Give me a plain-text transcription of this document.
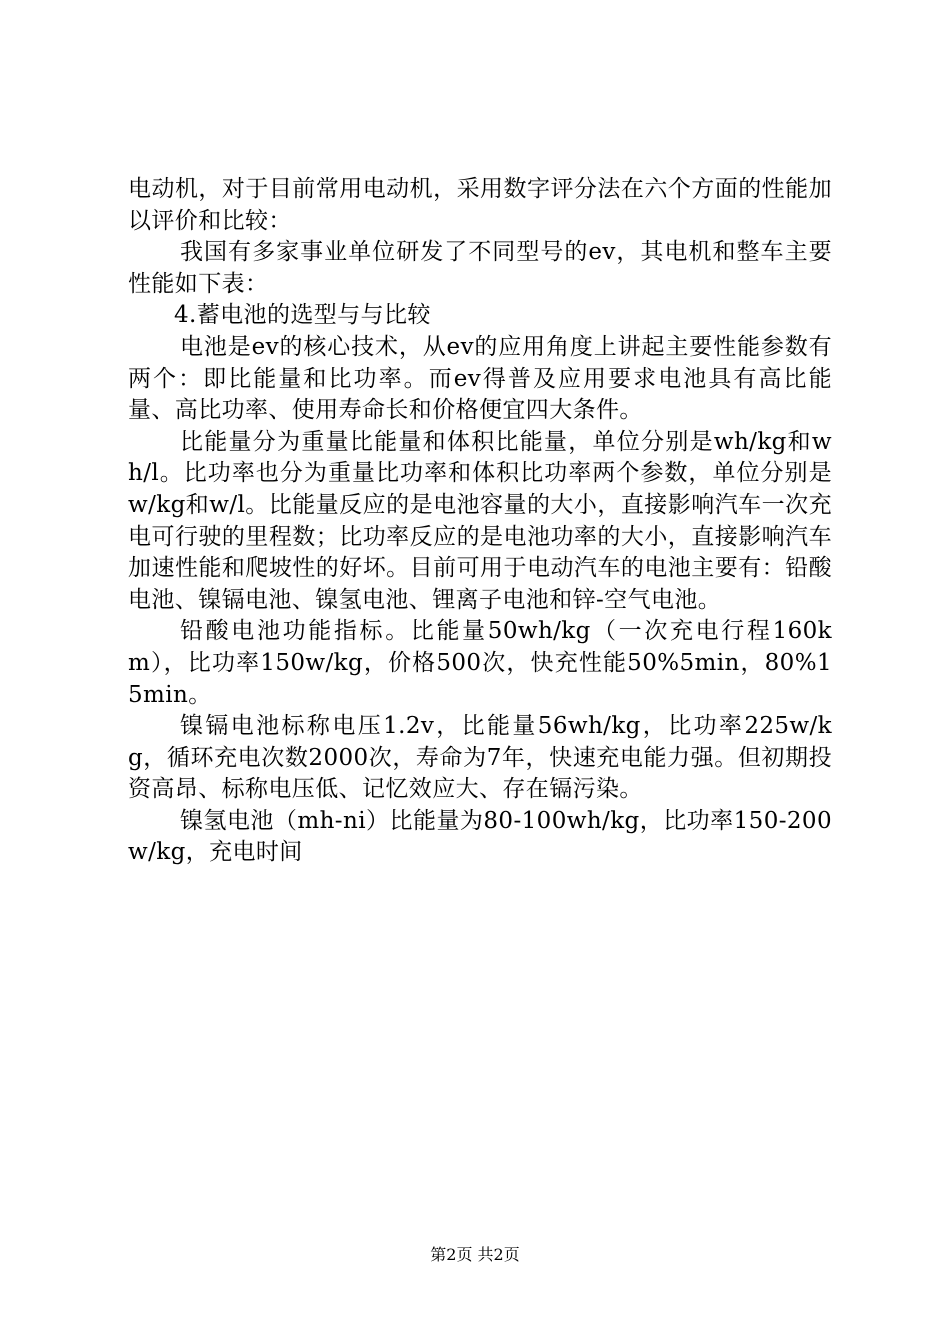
电动机，对于目前常用电动机，采用数字评分法在六个方面的性能加以评价和比较：

我国有多家事业单位研发了不同型号的ev，其电机和整车主要性能如下表：

4.蓄电池的选型与与比较

电池是ev的核心技术，从ev的应用角度上讲起主要性能参数有两个：即比能量和比功率。而ev得普及应用要求电池具有高比能量、高比功率、使用寿命长和价格便宜四大条件。

比能量分为重量比能量和体积比能量，单位分别是wh/kg和wh/l。比功率也分为重量比功率和体积比功率两个参数，单位分别是w/kg和w/l。比能量反应的是电池容量的大小，直接影响汽车一次充电可行驶的里程数；比功率反应的是电池功率的大小，直接影响汽车加速性能和爬坡性的好坏。目前可用于电动汽车的电池主要有：铅酸电池、镍镉电池、镍氢电池、锂离子电池和锌-空气电池。

铅酸电池功能指标。比能量50wh/kg（一次充电行程160km），比功率150w/kg，价格500次，快充性能50%5min，80%15min。

镍镉电池标称电压1.2v，比能量56wh/kg，比功率225w/kg，循环充电次数2000次，寿命为7年，快速充电能力强。但初期投资高昂、标称电压低、记忆效应大、存在镉污染。

镍氢电池（mh-ni）比能量为80-100wh/kg，比功率150-200w/kg，充电时间

第2页 共2页
